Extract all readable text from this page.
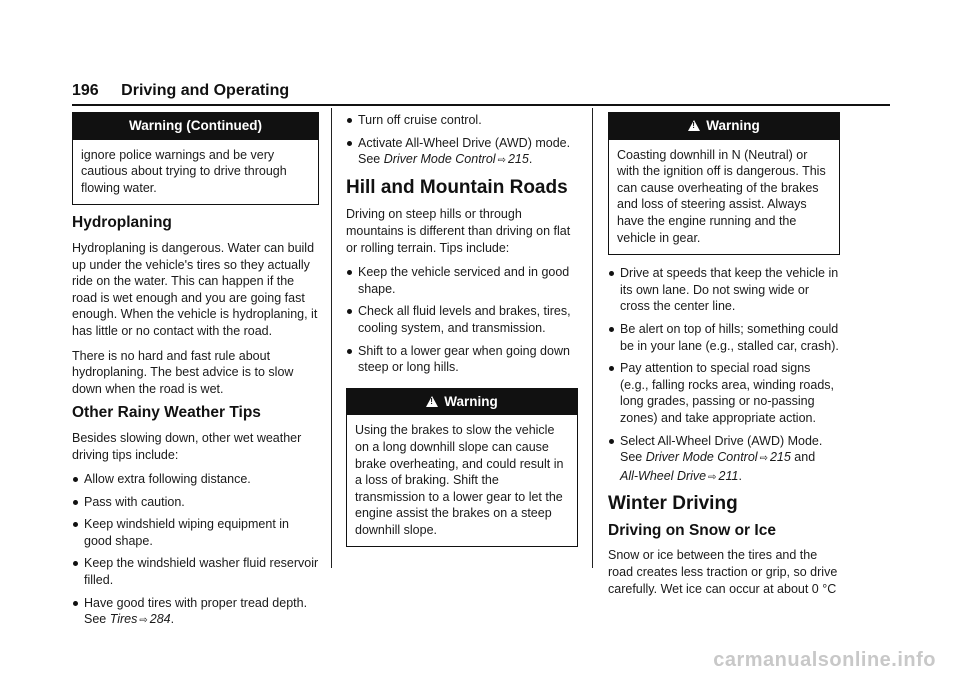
196 Driving and Operating
Warning (Continued)
ignore police warnings and be very cautious about trying to drive through flowing water.
Hydroplaning

Hydroplaning is dangerous. Water can build up under the vehicle's tires so they actually ride on the water. This can happen if the road is wet enough and you are going fast enough. When the vehicle is hydroplaning, it has little or no contact with the road.

There is no hard and fast rule about hydroplaning. The best advice is to slow down when the road is wet.

Other Rainy Weather Tips

Besides slowing down, other wet weather driving tips include:

Allow extra following distance.
Pass with caution.
Keep windshield wiping equipment in good shape.
Keep the windshield washer fluid reservoir filled.
Have good tires with proper tread depth. See Tires ⇨ 284.
Turn off cruise control.
Activate All-Wheel Drive (AWD) mode. See Driver Mode Control ⇨ 215.
Hill and Mountain Roads

Driving on steep hills or through mountains is different than driving on flat or rolling terrain. Tips include:

Keep the vehicle serviced and in good shape.
Check all fluid levels and brakes, tires, cooling system, and transmission.
Shift to a lower gear when going down steep or long hills.
!Warning
Using the brakes to slow the vehicle on a long downhill slope can cause brake overheating, and could result in a loss of braking. Shift the transmission to a lower gear to let the engine assist the brakes on a steep downhill slope.
!Warning
Coasting downhill in N (Neutral) or with the ignition off is dangerous. This can cause overheating of the brakes and loss of steering assist. Always have the engine running and the vehicle in gear.
Drive at speeds that keep the vehicle in its own lane. Do not swing wide or cross the center line.
Be alert on top of hills; something could be in your lane (e.g., stalled car, crash).
Pay attention to special road signs (e.g., falling rocks area, winding roads, long grades, passing or no-passing zones) and take appropriate action.
Select All-Wheel Drive (AWD) Mode. See Driver Mode Control ⇨ 215 and
All-Wheel Drive ⇨ 211.
Winter Driving
Driving on Snow or Ice

Snow or ice between the tires and the road creates less traction or grip, so drive carefully. Wet ice can occur at about 0 °C

carmanualsonline.info
